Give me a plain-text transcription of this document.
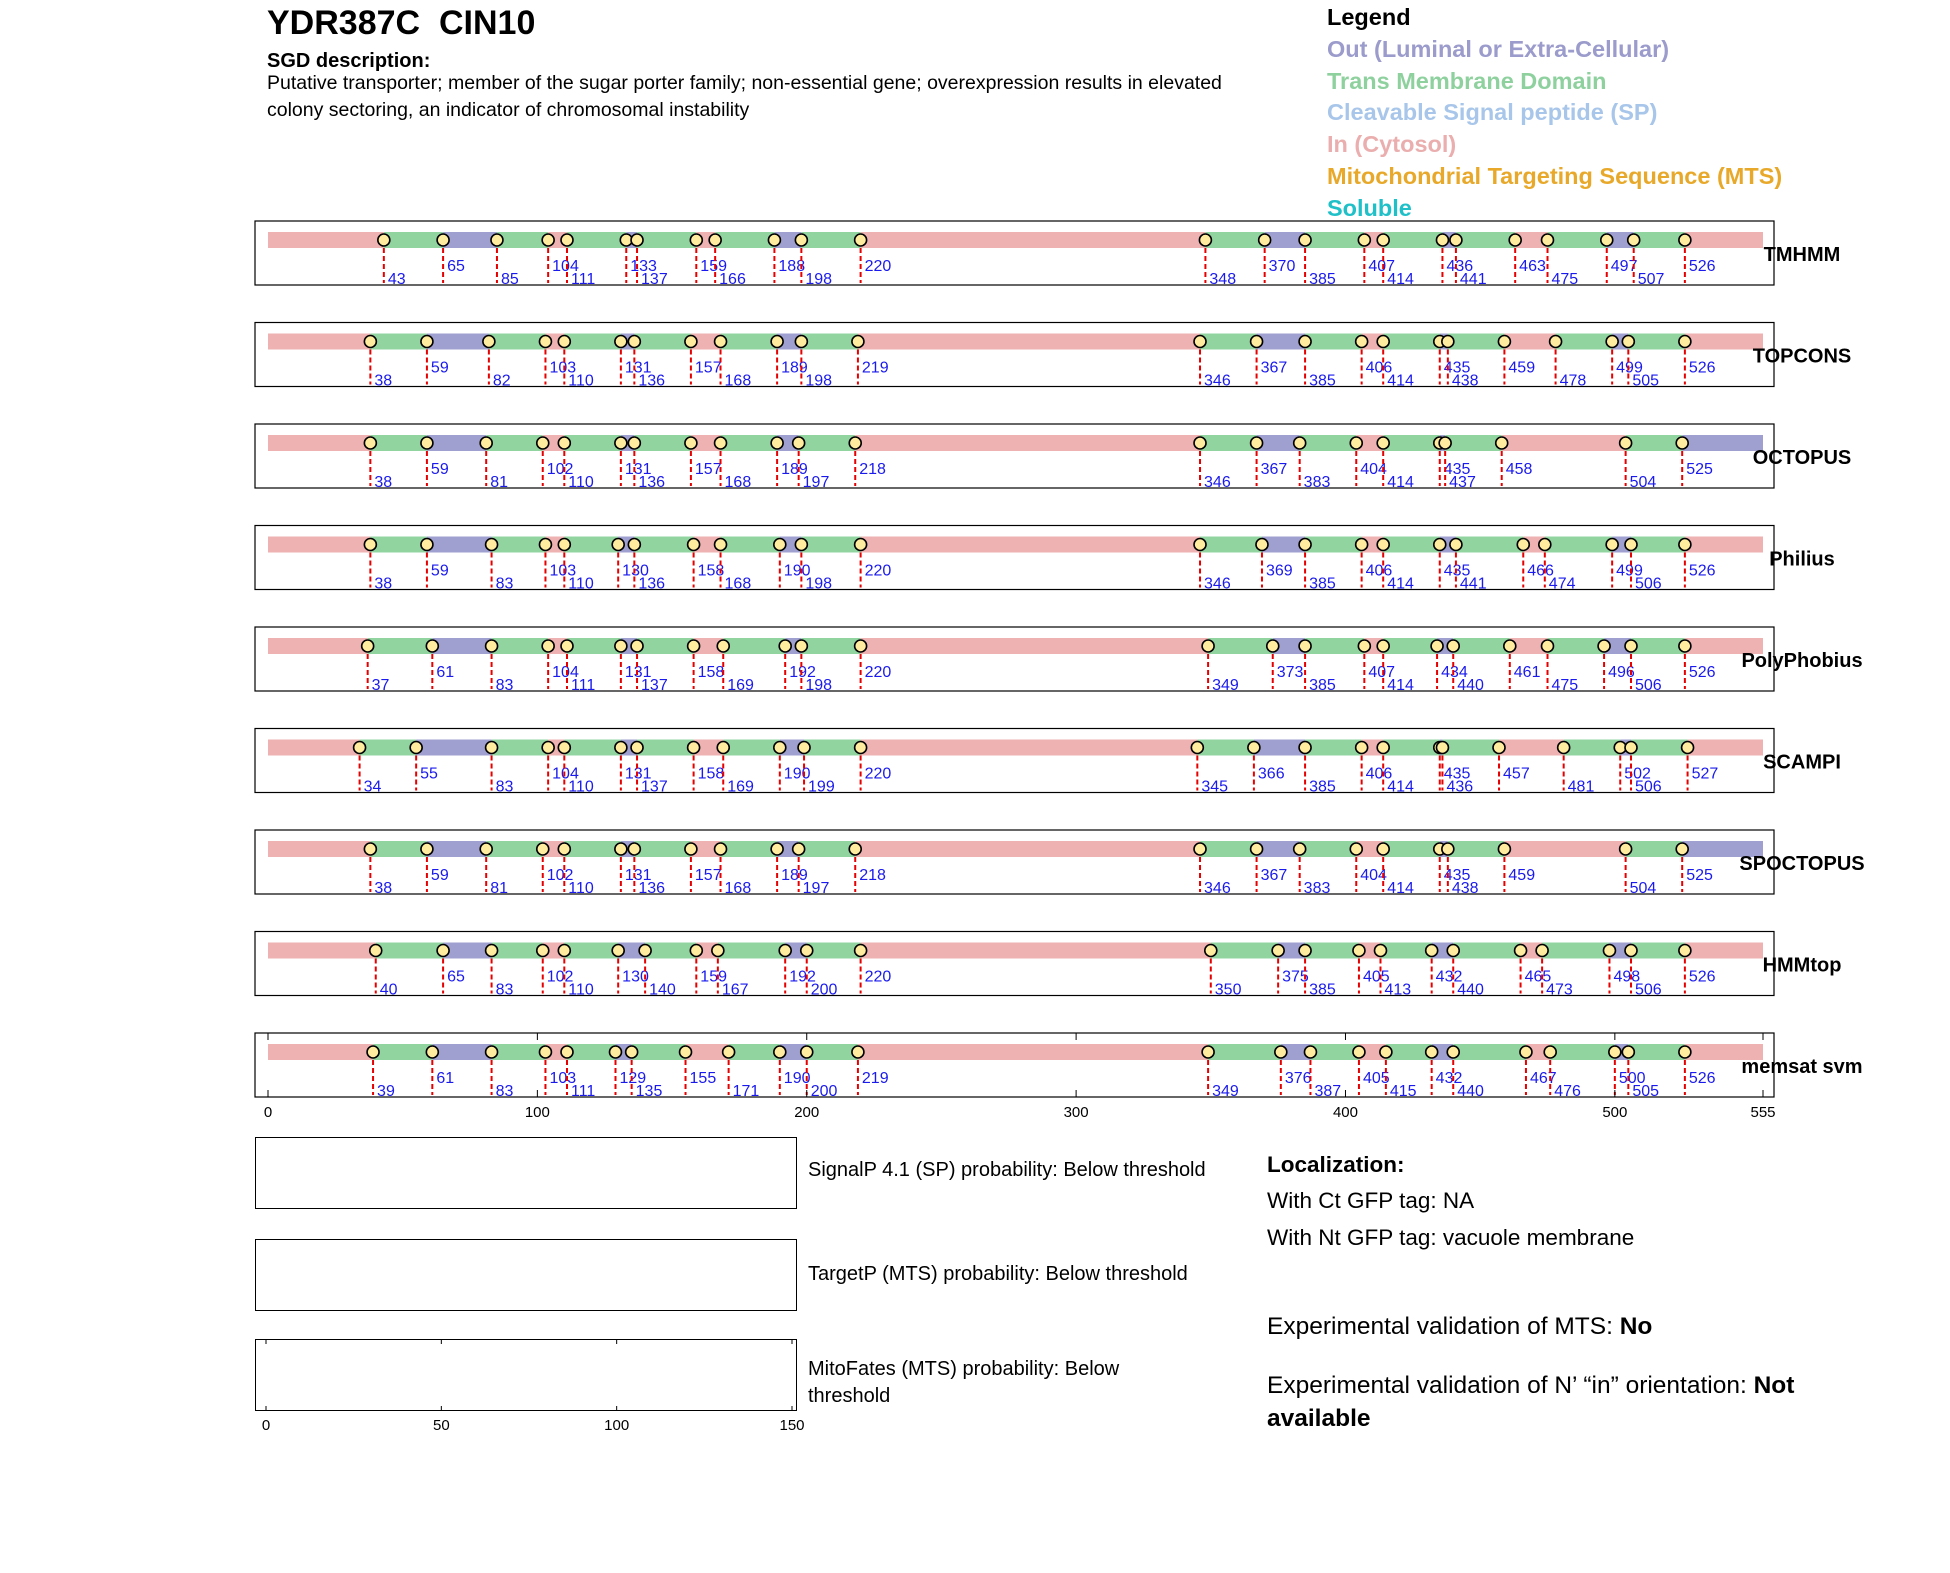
YDR387C CIN10
SGD description:
Putative transporter; member of the sugar porter family; non-essential gene; overexpression results in elevated colony sectoring, an indicator of chromosomal instability
Legend
Out (Luminal or Extra-Cellular)
Trans Membrane Domain
Cleavable Signal peptide (SP)
In (Cytosol)
Mitochondrial Targeting Sequence (MTS)
Soluble
43
65
85
104
111
133
137
159
166
188
198
220
348
370
385
407
414
436
441
463
475
497
507
526
TMHMM
38
59
82
103
110
131
136
157
168
189
198
219
346
367
385
406
414
435
438
459
478
499
505
526
TOPCONS
38
59
81
102
110
131
136
157
168
189
197
218
346
367
383
404
414
435
437
458
504
525
OCTOPUS
38
59
83
103
110
130
136
158
168
190
198
220
346
369
385
406
414
435
441
466
474
499
506
526
Philius
37
61
83
104
111
131
137
158
169
192
198
220
349
373
385
407
414
434
440
461
475
496
506
526
PolyPhobius
34
55
83
104
110
131
137
158
169
190
199
220
345
366
385
406
414
435
436
457
481
502
506
527
SCAMPI
38
59
81
102
110
131
136
157
168
189
197
218
346
367
383
404
414
435
438
459
504
525
SPOCTOPUS
40
65
83
102
110
130
140
159
167
192
200
220
350
375
385
405
413
432
440
465
473
498
506
526
HMMtop
39
61
83
103
111
129
135
155
171
190
200
219
349
376
387
405
415
432
440
467
476
500
505
526
memsat svm
0	100	200	300	400	500	555
0	50	100	150
SignalP 4.1 (SP) probability: Below threshold
TargetP (MTS) probability: Below threshold
MitoFates (MTS) probability: Below threshold
Localization:
With Ct GFP tag: NA
With Nt GFP tag: vacuole membrane
Experimental validation of MTS: No
Experimental validation of N’ “in” orientation: Not available
